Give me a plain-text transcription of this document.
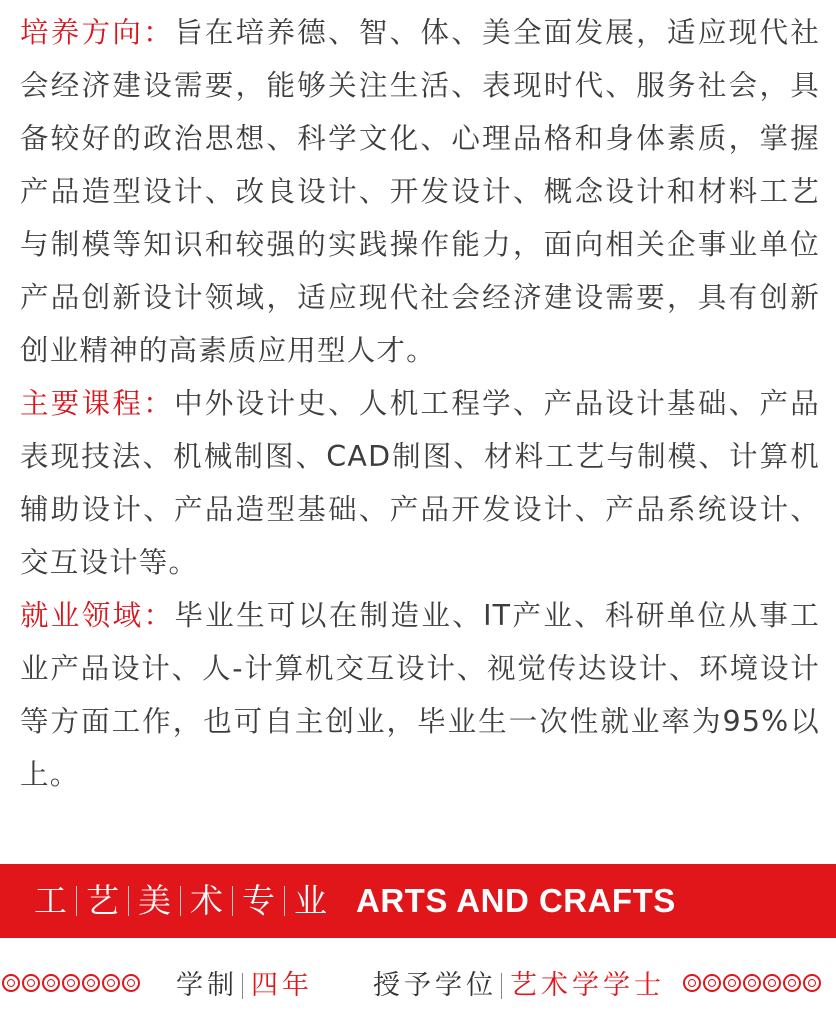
培养方向：旨在培养德、智、体、美全面发展，适应现代社会经济建设需要，能够关注生活、表现时代、服务社会，具备较好的政治思想、科学文化、心理品格和身体素质，掌握产品造型设计、改良设计、开发设计、概念设计和材料工艺与制模等知识和较强的实践操作能力，面向相关企事业单位产品创新设计领域，适应现代社会经济建设需要，具有创新创业精神的高素质应用型人才。

主要课程：中外设计史、人机工程学、产品设计基础、产品表现技法、机械制图、CAD制图、材料工艺与制模、计算机辅助设计、产品造型基础、产品开发设计、产品系统设计、交互设计等。

就业领域：毕业生可以在制造业、IT产业、科研单位从事工业产品设计、人-计算机交互设计、视觉传达设计、环境设计等方面工作，也可自主创业，毕业生一次性就业率为95%以上。

工 艺 美 术 专 业 ARTS AND CRAFTS
学制 四年 授予学位 艺术学学士
